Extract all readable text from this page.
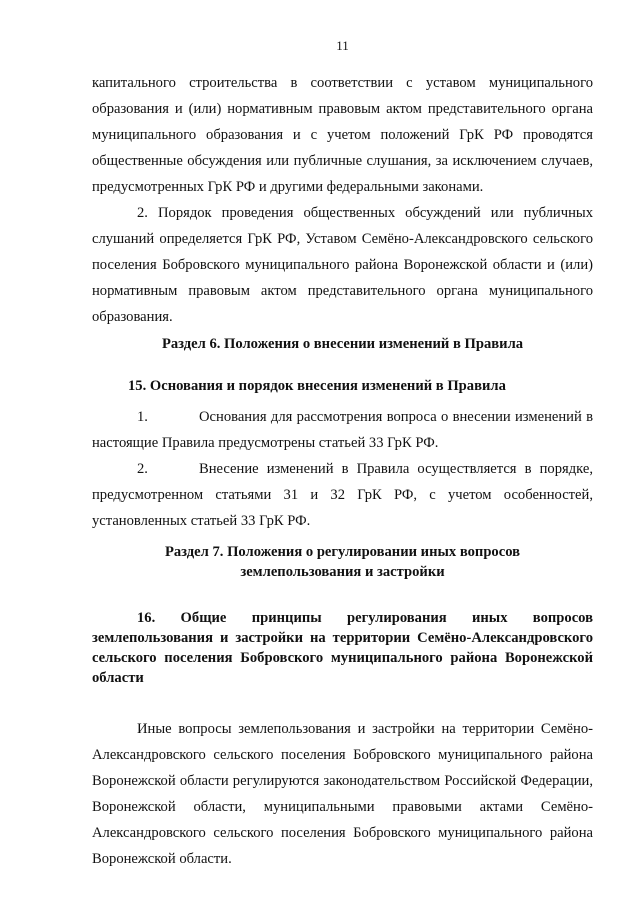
11

капитального строительства в соответствии с уставом муниципального образования и (или) нормативным правовым актом представительного органа муниципального образования и с учетом положений ГрК РФ проводятся общественные обсуждения или публичные слушания, за исключением случаев, предусмотренных ГрК РФ и другими федеральными законами.

2. Порядок проведения общественных обсуждений или публичных слушаний определяется ГрК РФ, Уставом Семёно-Александровского сельского поселения Бобровского муниципального района Воронежской области и (или) нормативным правовым актом представительного органа муниципального образования.

Раздел 6. Положения о внесении изменений в Правила
15. Основания и порядок внесения изменений в Правила

1.	Основания для рассмотрения вопроса о внесении изменений в настоящие Правила предусмотрены статьей 33 ГрК РФ.

2.	Внесение изменений в Правила осуществляется в порядке, предусмотренном статьями 31 и 32 ГрК РФ, с учетом особенностей, установленных статьей 33 ГрК РФ.

Раздел 7. Положения о регулировании иных вопросов
землепользования и застройки
16. Общие принципы регулирования иных вопросов землепользования и застройки на территории Семёно-Александровского сельского поселения Бобровского муниципального района Воронежской области

Иные вопросы землепользования и застройки на территории Семёно-Александровского сельского поселения Бобровского муниципального района Воронежской области регулируются законодательством Российской Федерации, Воронежской области, муниципальными правовыми актами Семёно-Александровского сельского поселения Бобровского муниципального района Воронежской области.
